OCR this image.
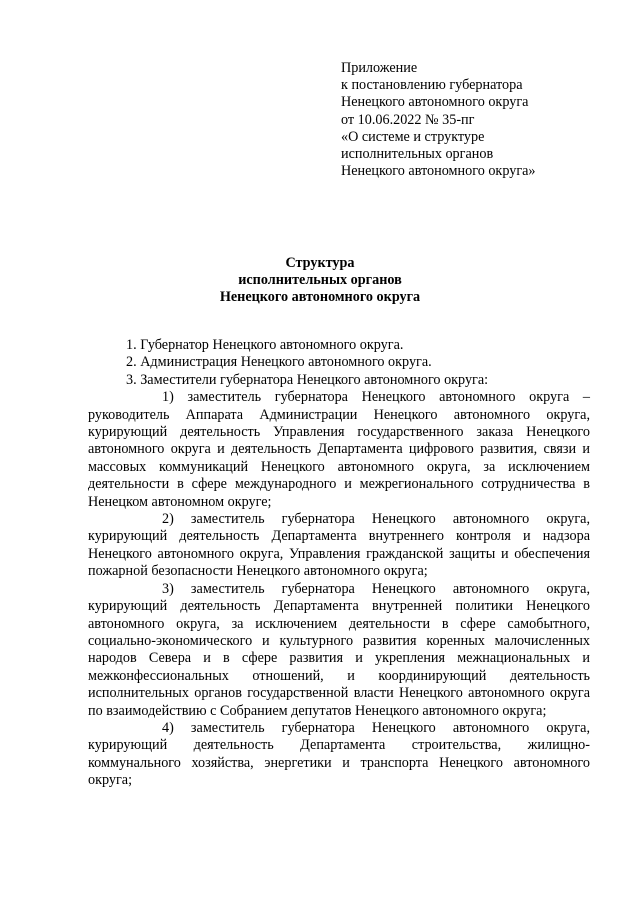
Приложение
к постановлению губернатора
Ненецкого автономного округа
от 10.06.2022 № 35-пг
«О системе и структуре
исполнительных органов
Ненецкого автономного округа»
Структура
исполнительных органов
Ненецкого автономного округа
1. Губернатор Ненецкого автономного округа.
2. Администрация Ненецкого автономного округа.
3. Заместители губернатора Ненецкого автономного округа:

1) заместитель губернатора Ненецкого автономного округа – руководитель Аппарата Администрации Ненецкого автономного округа, курирующий деятельность Управления государственного заказа Ненецкого автономного округа и деятельность Департамента цифрового развития, связи и массовых коммуникаций Ненецкого автономного округа, за исключением деятельности в сфере международного и межрегионального сотрудничества в Ненецком автономном округе;

2) заместитель губернатора Ненецкого автономного округа, курирующий деятельность Департамента внутреннего контроля и надзора Ненецкого автономного округа, Управления гражданской защиты и обеспечения пожарной безопасности Ненецкого автономного округа;

3) заместитель губернатора Ненецкого автономного округа, курирующий деятельность Департамента внутренней политики Ненецкого автономного округа, за исключением деятельности в сфере самобытного, социально-экономического и культурного развития коренных малочисленных народов Севера и в сфере развития и укрепления межнациональных и межконфессиональных отношений, и координирующий деятельность исполнительных органов государственной власти Ненецкого автономного округа по взаимодействию с Собранием депутатов Ненецкого автономного округа;

4) заместитель губернатора Ненецкого автономного округа, курирующий деятельность Департамента строительства, жилищно-коммунального хозяйства, энергетики и транспорта Ненецкого автономного округа;
